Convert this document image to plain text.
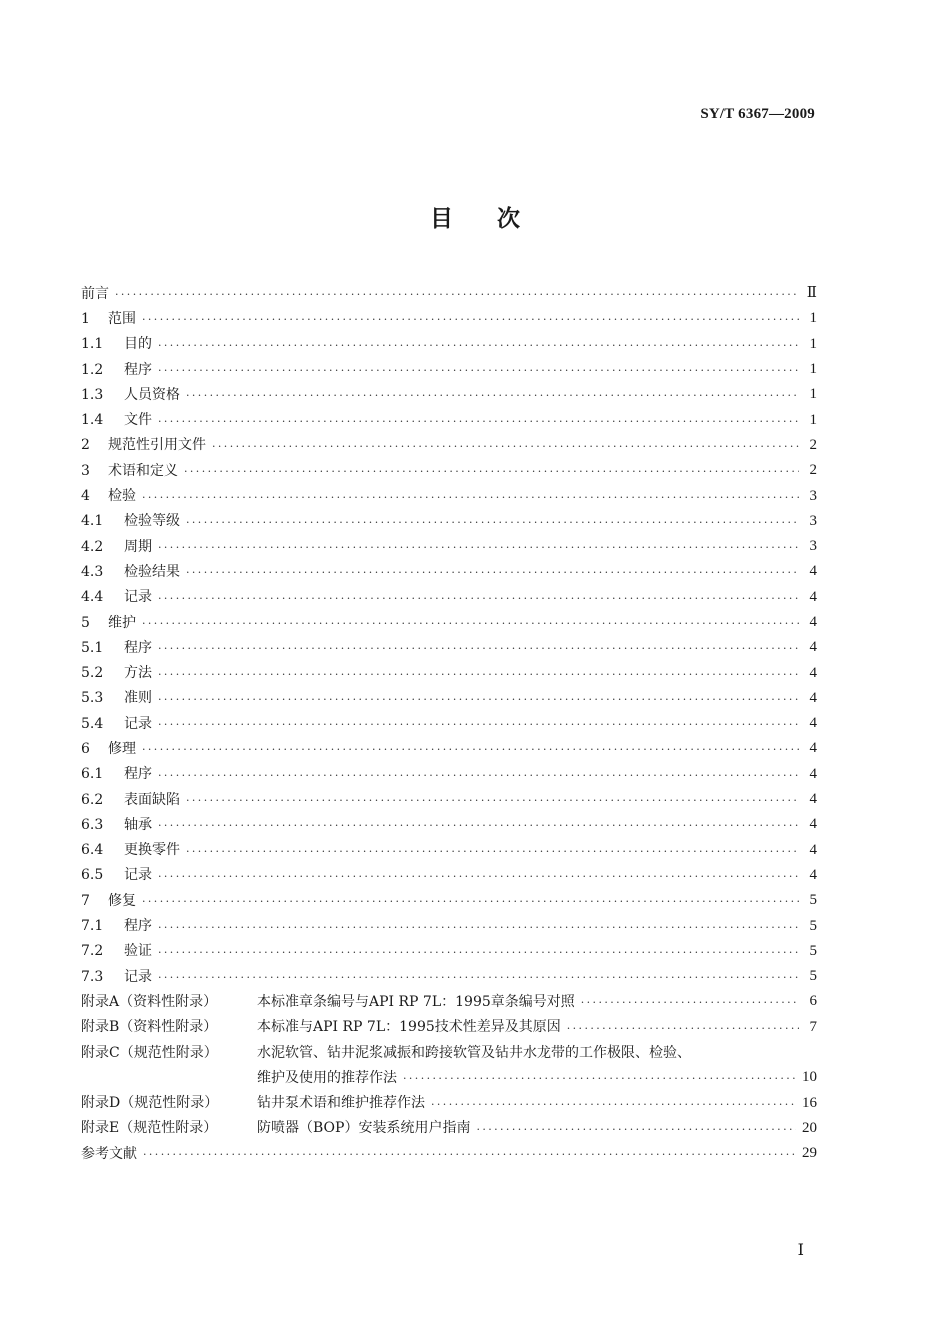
SY/T 6367—2009
目次
前言 ·····	Ⅱ
1	范围 ·····	1
1.1	目的 ·····	1
1.2	程序 ·····	1
1.3	人员资格 ·····	1
1.4	文件 ·····	1
2	规范性引用文件 ·····	2
3	术语和定义 ·····	2
4	检验 ·····	3
4.1	检验等级 ·····	3
4.2	周期 ·····	3
4.3	检验结果 ·····	4
4.4	记录 ·····	4
5	维护 ·····	4
5.1	程序 ·····	4
5.2	方法 ·····	4
5.3	准则 ·····	4
5.4	记录 ·····	4
6	修理 ·····	4
6.1	程序 ·····	4
6.2	表面缺陷 ·····	4
6.3	轴承 ·····	4
6.4	更换零件 ·····	4
6.5	记录 ·····	4
7	修复 ·····	5
7.1	程序 ·····	5
7.2	验证 ·····	5
7.3	记录 ·····	5
附录A（资料性附录）	本标准章条编号与API RP 7L：1995章条编号对照 ·····	6
附录B（资料性附录）	本标准与API RP 7L：1995技术性差异及其原因 ·····	7
附录C（规范性附录）	水泥软管、钻井泥浆减振和跨接软管及钻井水龙带的工作极限、检验、
维护及使用的推荐作法 ·····	10
附录D（规范性附录）	钻井泵术语和维护推荐作法 ·····	16
附录E（规范性附录）	防喷器（BOP）安装系统用户指南 ·····	20
参考文献 ·····	29
Ⅰ
